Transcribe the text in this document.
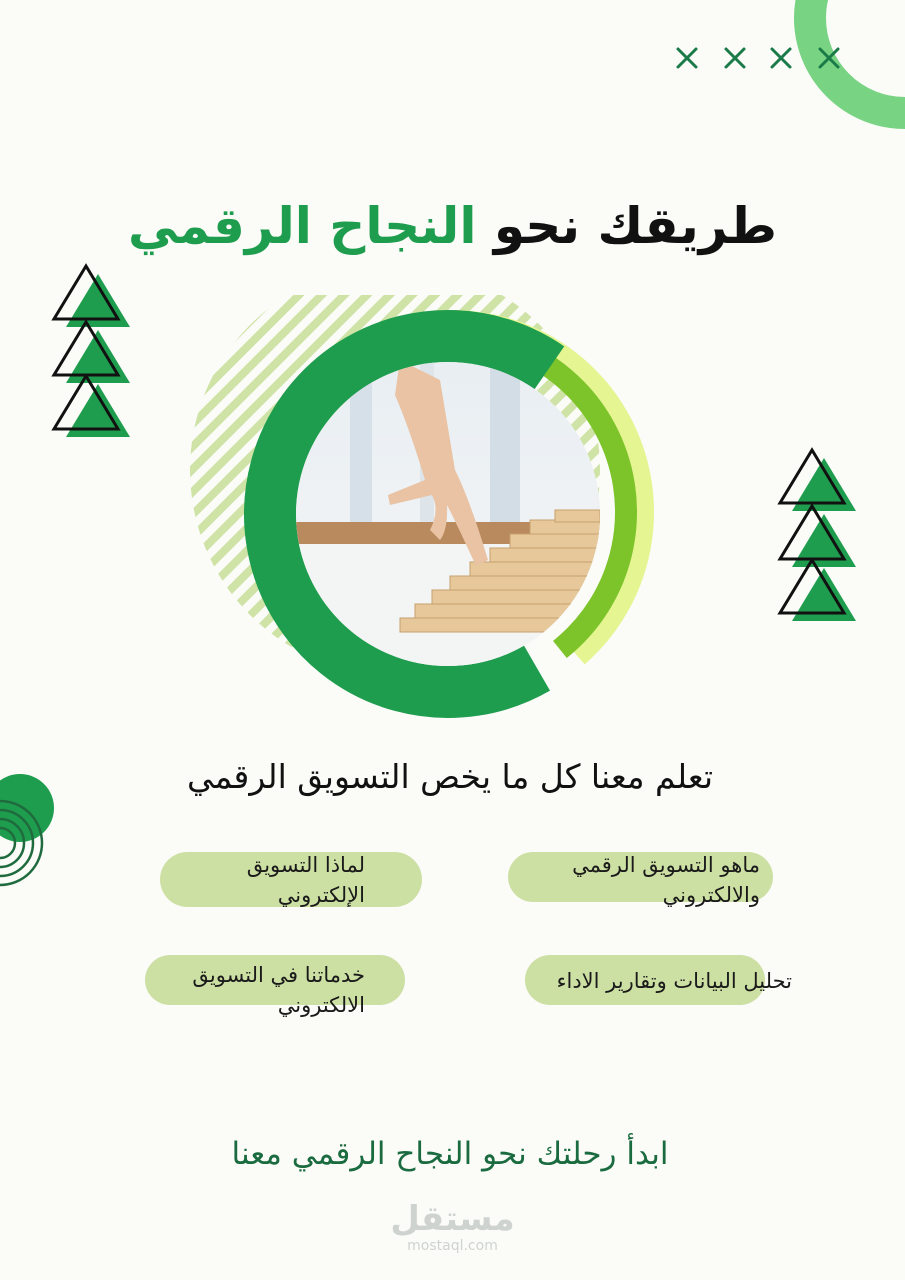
طريقك نحو النجاح الرقمي
تعلم معنا كل ما يخص التسويق الرقمي
ماهو التسويق الرقمي والالكتروني
لماذا التسويق الإلكتروني
تحليل البيانات وتقارير الاداء
خدماتنا في التسويق الالكتروني
ابدأ رحلتك نحو النجاح الرقمي معنا
مستقل
mostaql.com
